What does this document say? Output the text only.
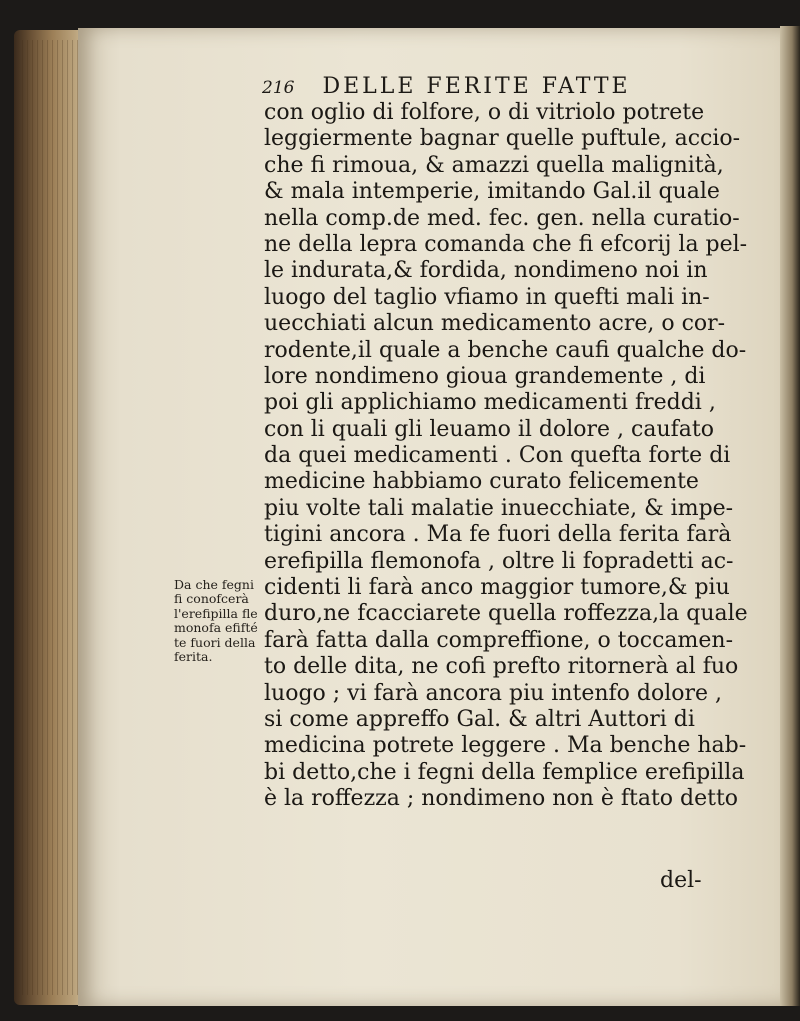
216 DELLE FERITE FATTE
con oglio di folfore, o di vitriolo potrete
leggiermente bagnar quelle puftule, accio-
che fi rimoua, & amazzi quella malignità,
& mala intemperie, imitando Gal.il quale
nella comp.de med. fec. gen. nella curatio-
ne della lepra comanda che fi efcorij la pel-
le indurata,& fordida, nondimeno noi in
luogo del taglio vfiamo in quefti mali in-
uecchiati alcun medicamento acre, o cor-
rodente,il quale a benche caufi qualche do-
lore nondimeno gioua grandemente , di
poi gli applichiamo medicamenti freddi ,
con li quali gli leuamo il dolore , caufato
da quei medicamenti . Con quefta forte di
medicine habbiamo curato felicemente
piu volte tali malatie inuecchiate, & impe-
tigini ancora . Ma fe fuori della ferita farà
erefipilla flemonofa , oltre li fopradetti ac-
cidenti li farà anco maggior tumore,& piu
duro,ne fcacciarete quella roffezza,la quale
farà fatta dalla compreffione, o toccamen-
to delle dita, ne cofi prefto ritornerà al fuo
luogo ; vi farà ancora piu intenfo dolore ,
si come appreffo Gal. & altri Auttori di
medicina potrete leggere . Ma benche hab-
bi detto,che i fegni della femplice erefipilla
è la roffezza ; nondimeno non è ftato detto
del-
Da che fegni
fi conofcerà
l'erefipilla fle
monofa efifté
te fuori della
ferita.
